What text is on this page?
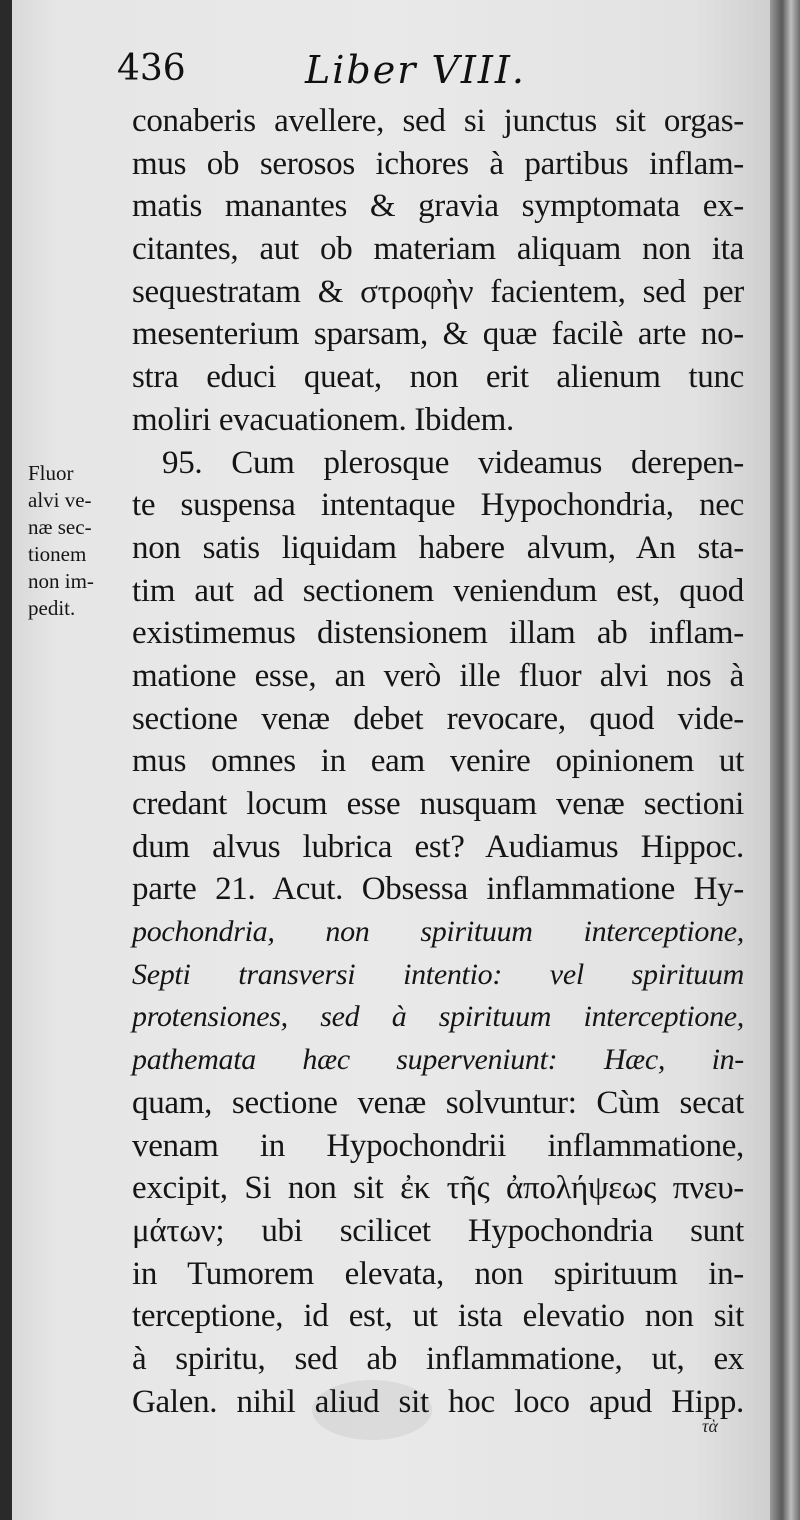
436	Liber VIII.
Fluor
alvi ve-
næ sec-
tionem
non im-
pedit.
conaberis avellere, sed si junctus sit orgas-
mus ob serosos ichores à partibus inflam-
matis manantes & gravia symptomata ex-
citantes, aut ob materiam aliquam non ita
sequestratam & στροφὴν facientem, sed per
mesenterium sparsam, & quæ facilè arte no-
stra educi queat, non erit alienum tunc
moliri evacuationem. Ibidem.
95. Cum plerosque videamus derepen-
te suspensa intentaque Hypochondria, nec
non satis liquidam habere alvum, An sta-
tim aut ad sectionem veniendum est, quod
existimemus distensionem illam ab inflam-
matione esse, an verò ille fluor alvi nos à
sectione venæ debet revocare, quod vide-
mus omnes in eam venire opinionem ut
credant locum esse nusquam venæ sectioni
dum alvus lubrica est? Audiamus Hippoc.
parte 21. Acut. Obsessa inflammatione Hy-
pochondria, non spirituum interceptione,
Septi transversi intentio: vel spirituum
protensiones, sed à spirituum interceptione,
pathemata hæc superveniunt: Hæc, in-
quam, sectione venæ solvuntur: Cùm secat
venam in Hypochondrii inflammatione,
excipit, Si non sit ἐκ τῆς ἀπολήψεως πνευ-
μάτων; ubi scilicet Hypochondria sunt
in Tumorem elevata, non spirituum in-
terceptione, id est, ut ista elevatio non sit
à spiritu, sed ab inflammatione, ut, ex
Galen. nihil aliud sit hoc loco apud Hipp.
τὰ
